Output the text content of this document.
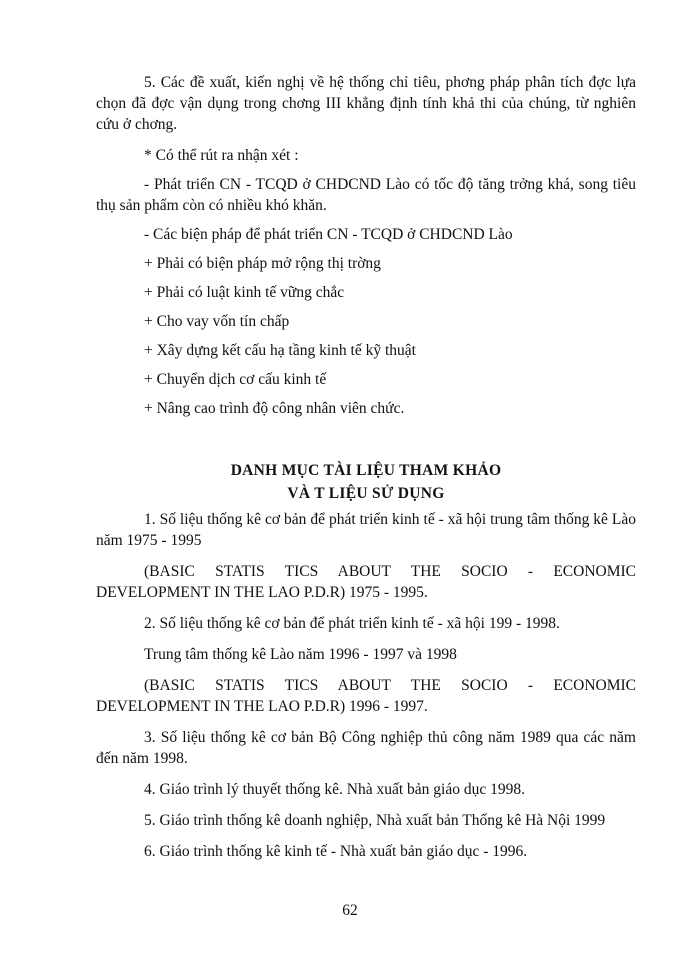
5. Các đề xuất, kiến nghị về hệ thống chỉ tiêu, phơng pháp phân tích đợc lựa chọn đã đợc vận dụng trong chơng III khẳng định tính khả thi của chúng, từ nghiên cứu ở chơng.

* Có thể rút ra nhận xét :

- Phát triển CN - TCQD ở CHDCND Lào có tốc độ tăng trởng khá, song tiêu thụ sản phẩm còn có nhiều khó khăn.

- Các biện pháp để phát triển CN - TCQD ở CHDCND Lào

+ Phải có biện pháp mở rộng thị trờng

+ Phải có luật kinh tế vững chắc

+ Cho vay vốn tín chấp

+ Xây dựng kết cấu hạ tầng kinh tế kỹ thuật

+ Chuyển dịch cơ cấu kinh tế

+ Nâng cao trình độ công nhân viên chức.

DANH MỤC TÀI LIỆU THAM KHẢO
VÀ T LIỆU SỬ DỤNG

1. Số liệu thống kê cơ bản để phát triển kinh tế - xã hội trung tâm thống kê Lào năm 1975 - 1995

(BASIC STATIS TICS ABOUT THE SOCIO - ECONOMIC

DEVELOPMENT IN THE LAO P.D.R) 1975 - 1995.

2. Số liệu thống kê cơ bản để phát triển kinh tế - xã hội 199 - 1998.

Trung tâm thống kê Lào năm 1996 - 1997 và 1998

(BASIC STATIS TICS ABOUT THE SOCIO - ECONOMIC

DEVELOPMENT IN THE LAO P.D.R) 1996 - 1997.

3. Số liệu thống kê cơ bản Bộ Công nghiệp thủ công năm 1989 qua các năm đến năm 1998.

4. Giáo trình lý thuyết thống kê. Nhà xuất bản giáo dục 1998.

5. Giáo trình thống kê doanh nghiệp, Nhà xuất bản Thống kê Hà Nội 1999

6. Giáo trình thống kê kinh tế - Nhà xuất bản giáo dục - 1996.

62
